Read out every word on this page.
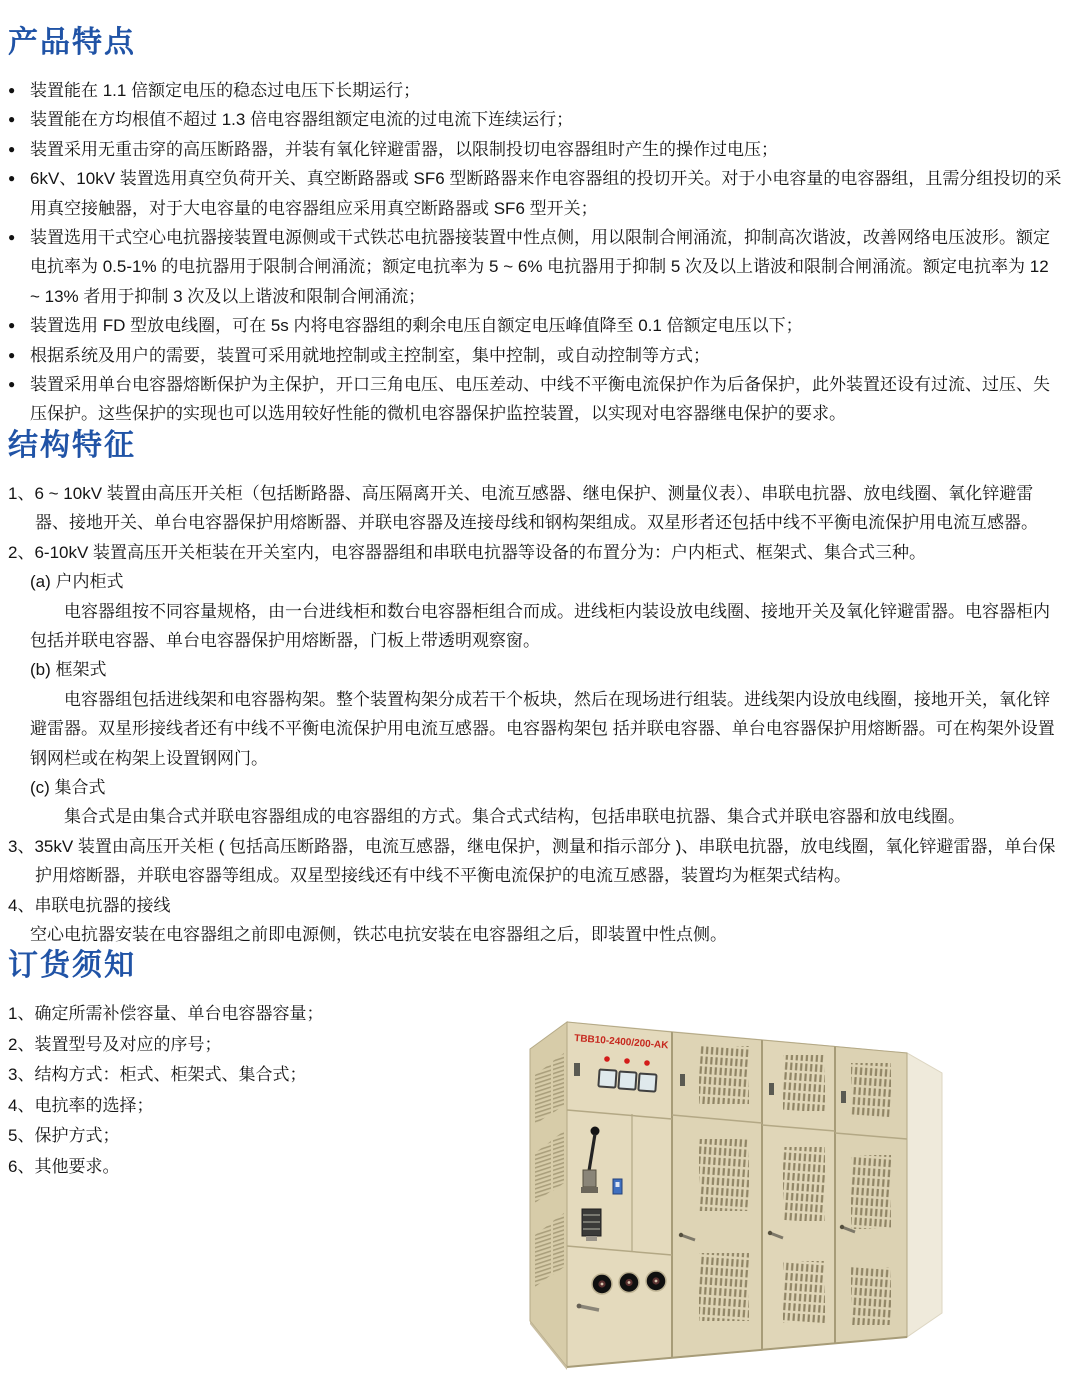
产品特点
● 装置能在 1.1 倍额定电压的稳态过电压下长期运行；
● 装置能在方均根值不超过 1.3 倍电容器组额定电流的过电流下连续运行；
● 装置采用无重击穿的高压断路器，并装有氧化锌避雷器，以限制投切电容器组时产生的操作过电压；
● 6kV、10kV 装置选用真空负荷开关、真空断路器或 SF6 型断路器来作电容器组的投切开关。对于小电容量的电容器组，且需分组投切的采用真空接触器，对于大电容量的电容器组应采用真空断路器或 SF6 型开关；
● 装置选用干式空心电抗器接装置电源侧或干式铁芯电抗器接装置中性点侧，用以限制合闸涌流，抑制高次谐波，改善网络电压波形。额定电抗率为 0.5-1% 的电抗器用于限制合闸涌流；额定电抗率为 5 ~ 6% 电抗器用于抑制 5 次及以上谐波和限制合闸涌流。额定电抗率为 12 ~ 13% 者用于抑制 3 次及以上谐波和限制合闸涌流；
● 装置选用 FD 型放电线圈，可在 5s 内将电容器组的剩余电压自额定电压峰值降至 0.1 倍额定电压以下；
● 根据系统及用户的需要，装置可采用就地控制或主控制室，集中控制，或自动控制等方式；
● 装置采用单台电容器熔断保护为主保护，开口三角电压、电压差动、中线不平衡电流保护作为后备保护，此外装置还设有过流、过压、失压保护。这些保护的实现也可以选用较好性能的微机电容器保护监控装置，以实现对电容器继电保护的要求。
结构特征
1、6 ~ 10kV 装置由高压开关柜（包括断路器、高压隔离开关、电流互感器、继电保护、测量仪表）、串联电抗器、放电线圈、氧化锌避雷器、接地开关、单台电容器保护用熔断器、并联电容器及连接母线和钢构架组成。双星形者还包括中线不平衡电流保护用电流互感器。
2、6-10kV 装置高压开关柜装在开关室内，电容器器组和串联电抗器等设备的布置分为：户内柜式、框架式、集合式三种。
(a) 户内柜式
电容器组按不同容量规格，由一台进线柜和数台电容器柜组合而成。进线柜内装设放电线圈、接地开关及氧化锌避雷器。电容器柜内包括并联电容器、单台电容器保护用熔断器，门板上带透明观察窗。
(b) 框架式
电容器组包括进线架和电容器构架。整个装置构架分成若干个板块，然后在现场进行组装。进线架内设放电线圈，接地开关，氧化锌避雷器。双星形接线者还有中线不平衡电流保护用电流互感器。电容器构架包 括并联电容器、单台电容器保护用熔断器。可在构架外设置钢网栏或在构架上设置钢网门。
(c) 集合式
集合式是由集合式并联电容器组成的电容器组的方式。集合式式结构，包括串联电抗器、集合式并联电容器和放电线圈。
3、35kV 装置由高压开关柜 ( 包括高压断路器，电流互感器，继电保护，测量和指示部分 )、串联电抗器，放电线圈，氧化锌避雷器，单台保护用熔断器，并联电容器等组成。双星型接线还有中线不平衡电流保护的电流互感器，装置均为框架式结构。
4、串联电抗器的接线
空心电抗器安装在电容器组之前即电源侧，铁芯电抗安装在电容器组之后，即装置中性点侧。
订货须知
1、确定所需补偿容量、单台电容器容量；
2、装置型号及对应的序号；
3、结构方式：柜式、柜架式、集合式；
4、电抗率的选择；
5、保护方式；
6、其他要求。
TBB10-2400/200-AK
